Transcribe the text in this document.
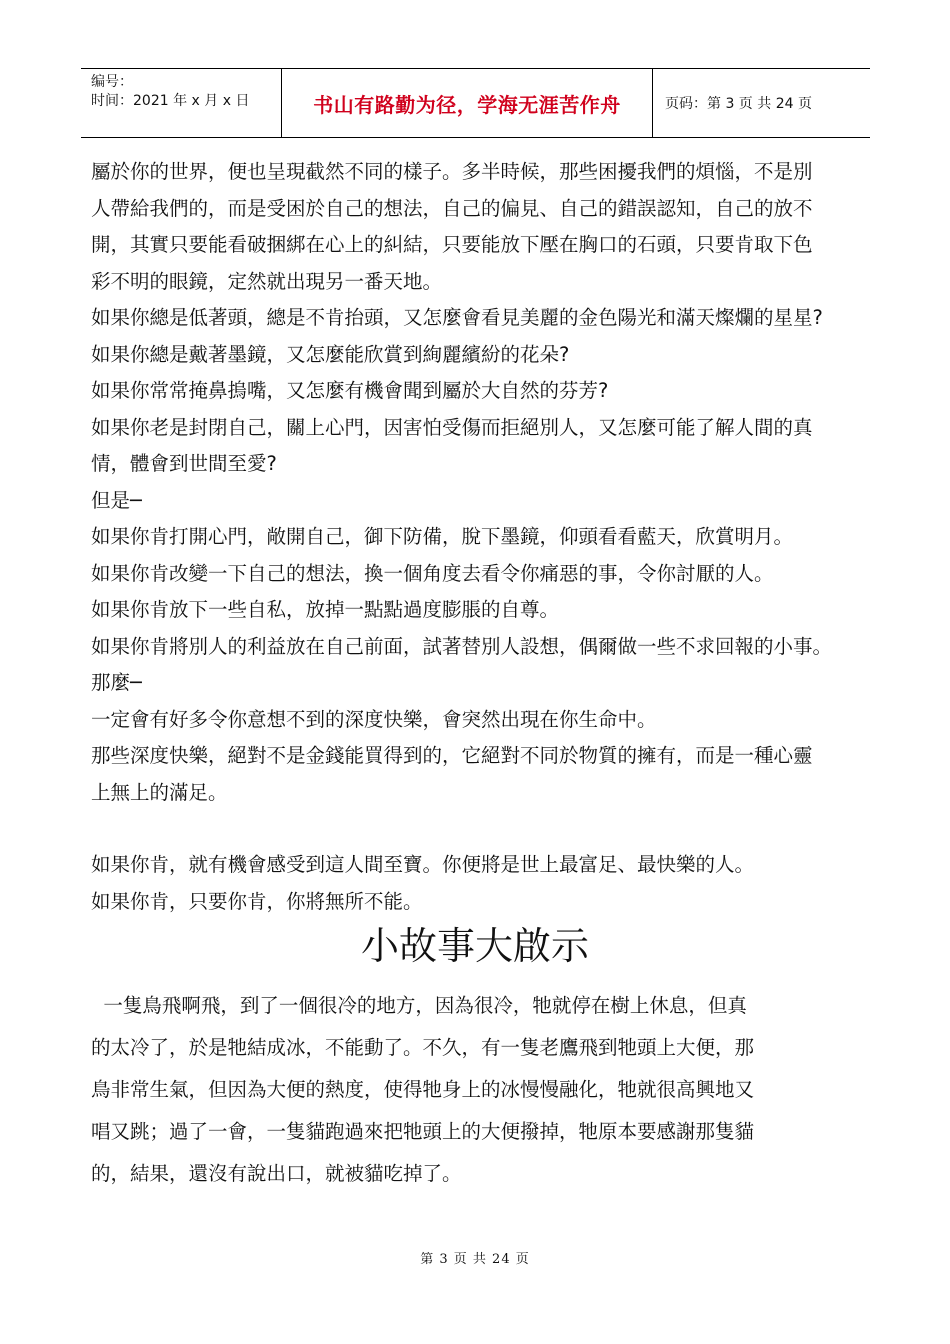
编号：
时间：2021 年 x 月 x 日	书山有路勤为径，学海无涯苦作舟	页码：第 3 页 共 24 页

屬於你的世界，便也呈現截然不同的樣子。多半時候，那些困擾我們的煩惱，不是別

人帶給我們的，而是受困於自己的想法，自己的偏見、自己的錯誤認知，自己的放不

開，其實只要能看破捆綁在心上的糾結，只要能放下壓在胸口的石頭，只要肯取下色

彩不明的眼鏡，定然就出現另一番天地。

如果你總是低著頭，總是不肯抬頭，又怎麼會看見美麗的金色陽光和滿天燦爛的星星?

如果你總是戴著墨鏡，又怎麼能欣賞到絢麗繽紛的花朵?

如果你常常掩鼻摀嘴，又怎麼有機會聞到屬於大自然的芬芳?

如果你老是封閉自己，關上心門，因害怕受傷而拒絕別人，又怎麼可能了解人間的真

情，體會到世間至愛?

但是─

如果你肯打開心門，敞開自己，御下防備，脫下墨鏡，仰頭看看藍天，欣賞明月。

如果你肯改變一下自己的想法，換一個角度去看令你痛惡的事，令你討厭的人。

如果你肯放下一些自私，放掉一點點過度膨脹的自尊。

如果你肯將別人的利益放在自己前面，試著替別人設想，偶爾做一些不求回報的小事。

那麼─

一定會有好多令你意想不到的深度快樂，會突然出現在你生命中。

那些深度快樂，絕對不是金錢能買得到的，它絕對不同於物質的擁有，而是一種心靈

上無上的滿足。

如果你肯，就有機會感受到這人間至寶。你便將是世上最富足、最快樂的人。

如果你肯，只要你肯，你將無所不能。

小故事大啟示

一隻鳥飛啊飛，到了一個很冷的地方，因為很冷，牠就停在樹上休息，但真

的太冷了，於是牠結成冰，不能動了。不久，有一隻老鷹飛到牠頭上大便，那

鳥非常生氣，但因為大便的熱度，使得牠身上的冰慢慢融化，牠就很高興地又

唱又跳；過了一會，一隻貓跑過來把牠頭上的大便撥掉，牠原本要感謝那隻貓

的，結果，還沒有說出口，就被貓吃掉了。

第 3 页 共 24 页
